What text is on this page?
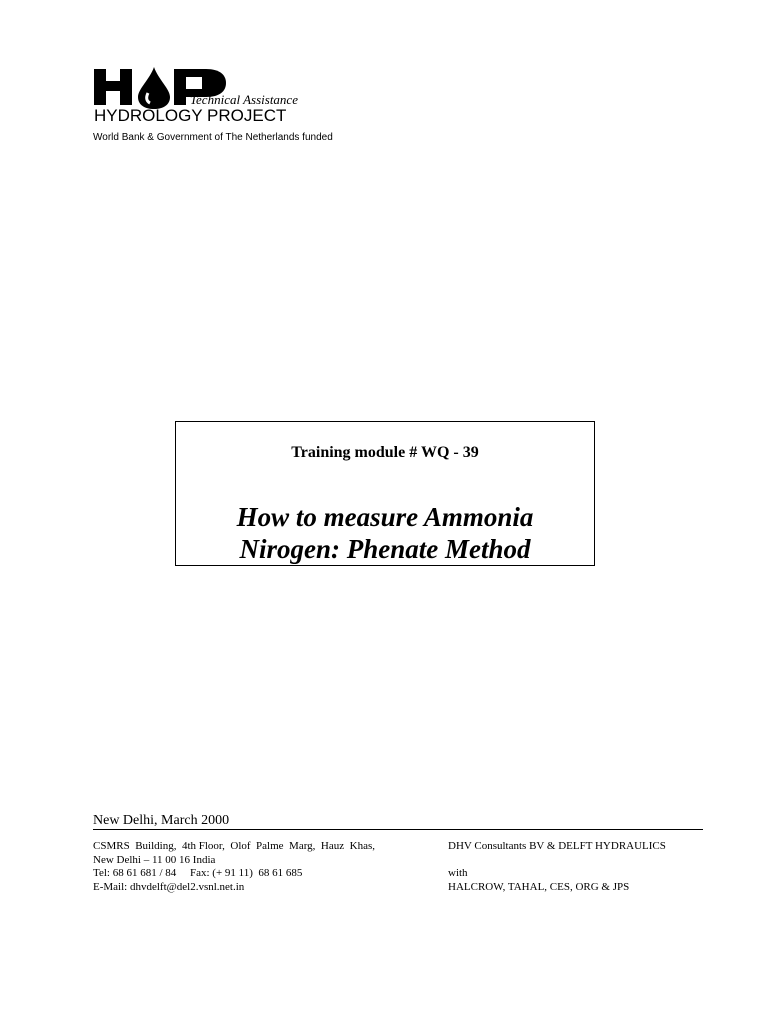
Technical Assistance
HYDROLOGY PROJECT
World Bank & Government of The Netherlands funded
Training module # WQ - 39
How to measure Ammonia
Nirogen: Phenate Method
New Delhi, March 2000
CSMRS  Building,  4th Floor,  Olof  Palme  Marg,  Hauz  Khas,
New Delhi – 11 00 16 India
Tel: 68 61 681 / 84     Fax: (+ 91 11)  68 61 685
E-Mail: dhvdelft@del2.vsnl.net.in
DHV Consultants BV & DELFT HYDRAULICS

with
HALCROW, TAHAL, CES, ORG & JPS
